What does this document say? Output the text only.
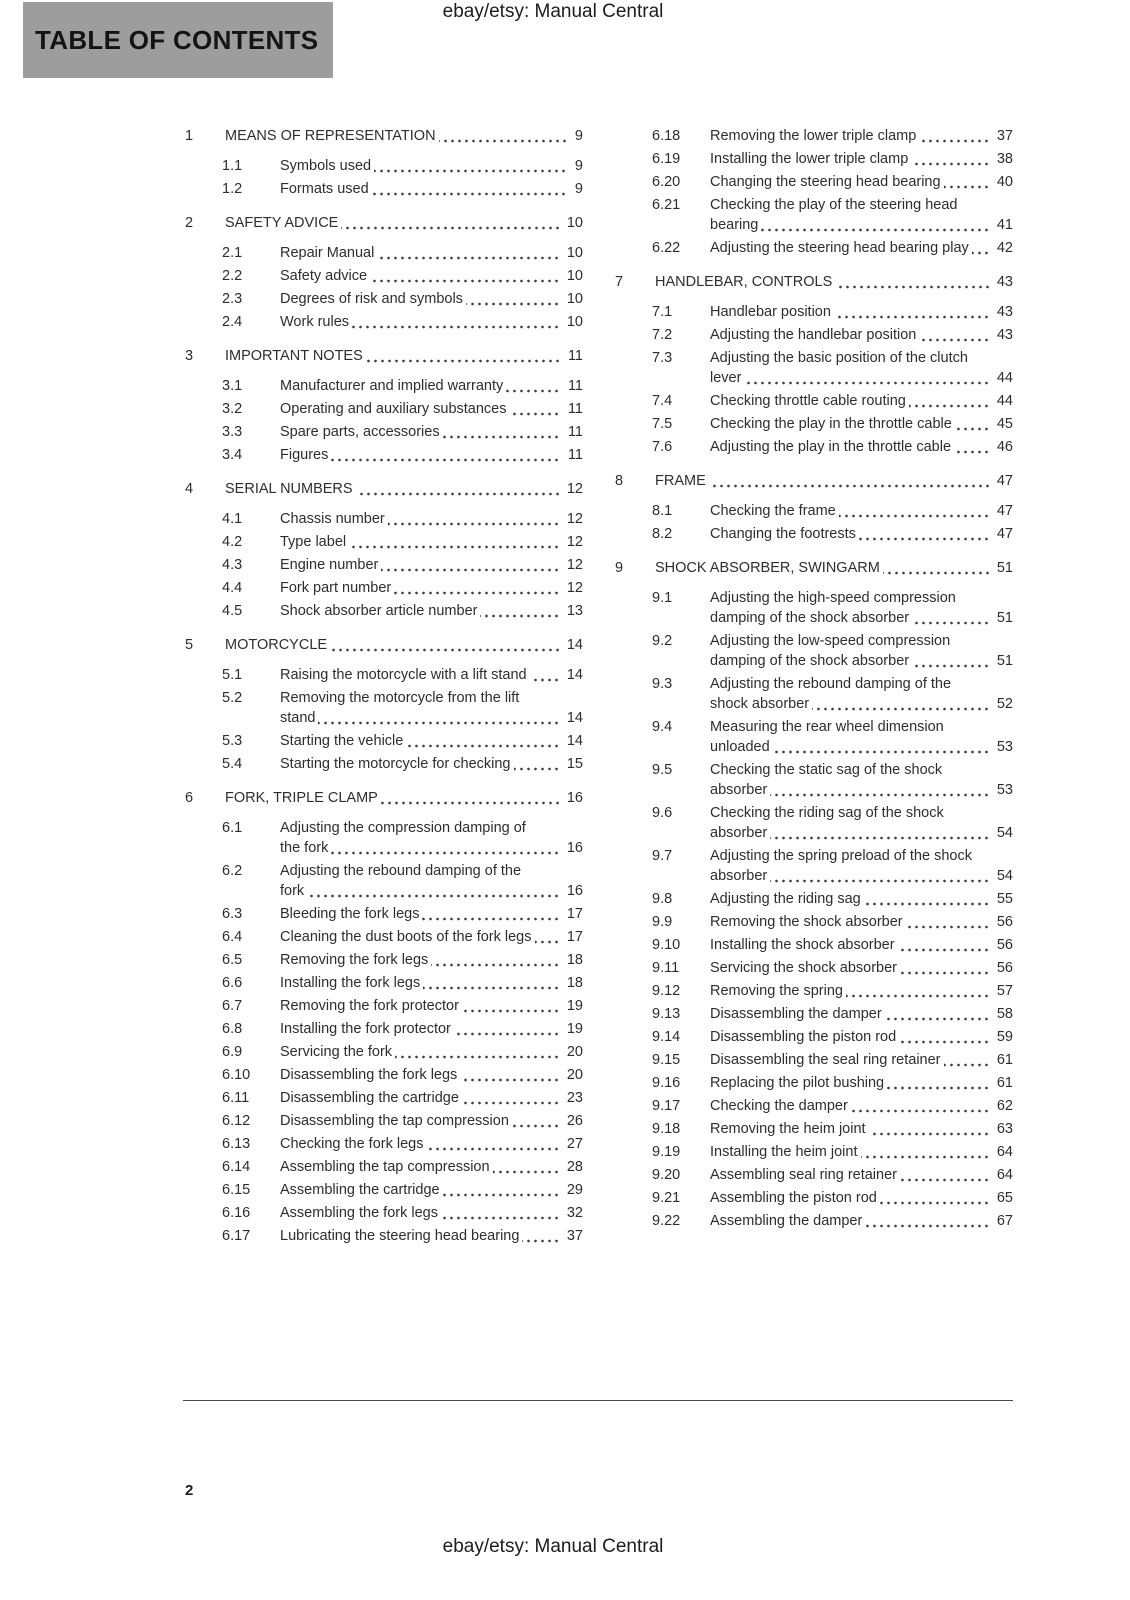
TABLE OF CONTENTS
ebay/etsy: Manual Central
1	MEANS OF REPRESENTATION	9
1.1	Symbols used	9
1.2	Formats used	9
2	SAFETY ADVICE	10
2.1	Repair Manual	10
2.2	Safety advice	10
2.3	Degrees of risk and symbols	10
2.4	Work rules	10
3	IMPORTANT NOTES	11
3.1	Manufacturer and implied warranty	11
3.2	Operating and auxiliary substances	11
3.3	Spare parts, accessories	11
3.4	Figures	11
4	SERIAL NUMBERS	12
4.1	Chassis number	12
4.2	Type label	12
4.3	Engine number	12
4.4	Fork part number	12
4.5	Shock absorber article number	13
5	MOTORCYCLE	14
5.1	Raising the motorcycle with a lift stand	14
5.2	Removing the motorcycle from the lift stand	14
5.3	Starting the vehicle	14
5.4	Starting the motorcycle for checking	15
6	FORK, TRIPLE CLAMP	16
6.1	Adjusting the compression damping of the fork	16
6.2	Adjusting the rebound damping of the fork	16
6.3	Bleeding the fork legs	17
6.4	Cleaning the dust boots of the fork legs	17
6.5	Removing the fork legs	18
6.6	Installing the fork legs	18
6.7	Removing the fork protector	19
6.8	Installing the fork protector	19
6.9	Servicing the fork	20
6.10	Disassembling the fork legs	20
6.11	Disassembling the cartridge	23
6.12	Disassembling the tap compression	26
6.13	Checking the fork legs	27
6.14	Assembling the tap compression	28
6.15	Assembling the cartridge	29
6.16	Assembling the fork legs	32
6.17	Lubricating the steering head bearing	37
6.18	Removing the lower triple clamp	37
6.19	Installing the lower triple clamp	38
6.20	Changing the steering head bearing	40
6.21	Checking the play of the steering head bearing	41
6.22	Adjusting the steering head bearing play	42
7	HANDLEBAR, CONTROLS	43
7.1	Handlebar position	43
7.2	Adjusting the handlebar position	43
7.3	Adjusting the basic position of the clutch lever	44
7.4	Checking throttle cable routing	44
7.5	Checking the play in the throttle cable	45
7.6	Adjusting the play in the throttle cable	46
8	FRAME	47
8.1	Checking the frame	47
8.2	Changing the footrests	47
9	SHOCK ABSORBER, SWINGARM	51
9.1	Adjusting the high-speed compression damping of the shock absorber	51
9.2	Adjusting the low-speed compression damping of the shock absorber	51
9.3	Adjusting the rebound damping of the shock absorber	52
9.4	Measuring the rear wheel dimension unloaded	53
9.5	Checking the static sag of the shock absorber	53
9.6	Checking the riding sag of the shock absorber	54
9.7	Adjusting the spring preload of the shock absorber	54
9.8	Adjusting the riding sag	55
9.9	Removing the shock absorber	56
9.10	Installing the shock absorber	56
9.11	Servicing the shock absorber	56
9.12	Removing the spring	57
9.13	Disassembling the damper	58
9.14	Disassembling the piston rod	59
9.15	Disassembling the seal ring retainer	61
9.16	Replacing the pilot bushing	61
9.17	Checking the damper	62
9.18	Removing the heim joint	63
9.19	Installing the heim joint	64
9.20	Assembling seal ring retainer	64
9.21	Assembling the piston rod	65
9.22	Assembling the damper	67
2
ebay/etsy: Manual Central
